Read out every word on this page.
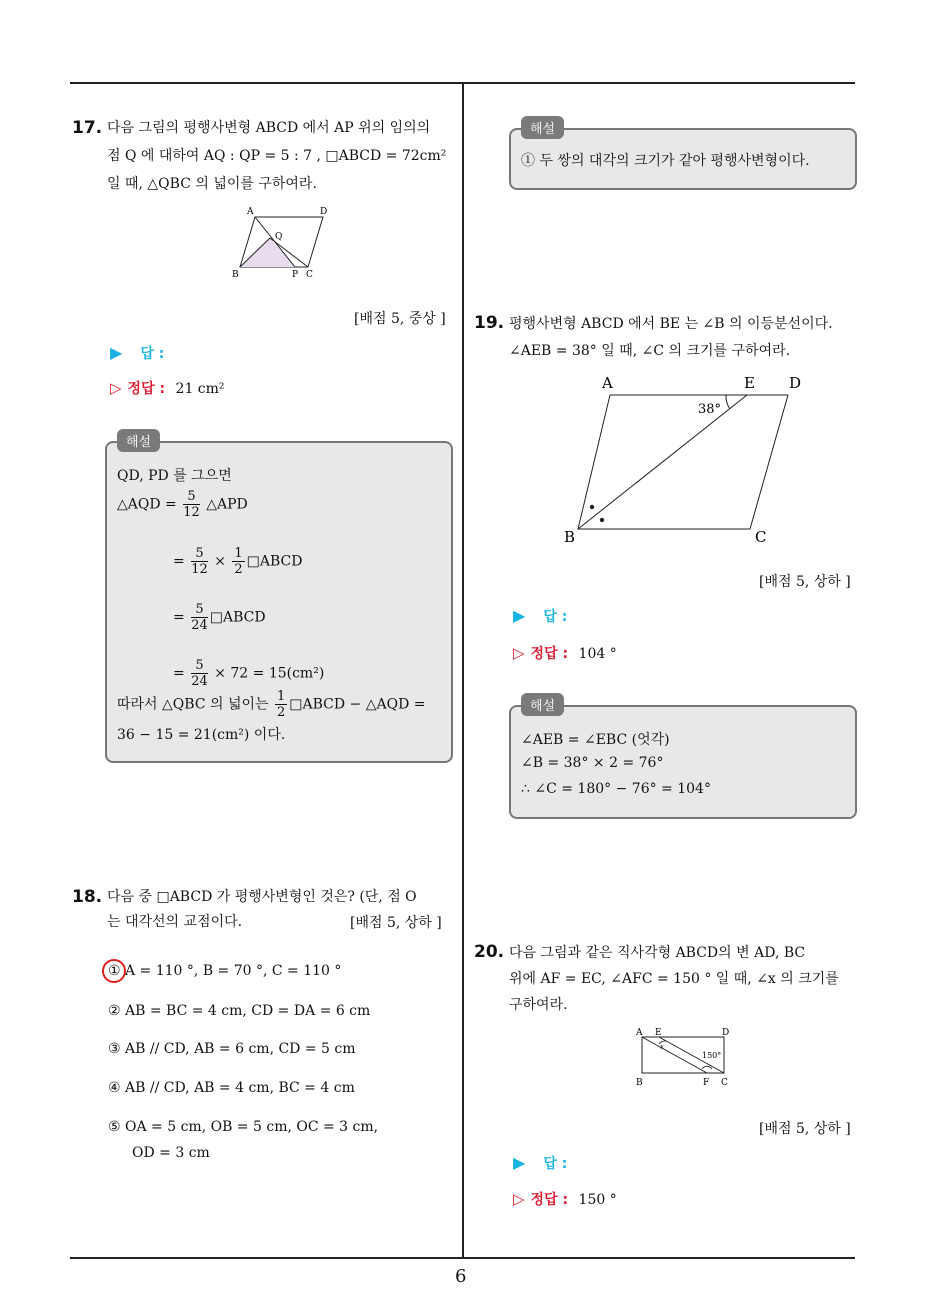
6
17. 다음 그림의 평행사변형 ABCD 에서 AP 위의 임의의
점 Q 에 대하여 AQ : QP = 5 : 7 , □ABCD = 72cm²
일 때, △QBC 의 넓이를 구하여라.
A	D
Q
B	P C
[배점 5, 중상 ]
▶ 답 :
▷ 정답 : 21 cm²
해설
QD, PD 를 그으면
△AQD = $\frac{5}{12}$ △APD
= $\frac{5}{12} \times \frac{1}{2}$ □ABCD
= $\frac{5}{24}$ □ABCD
= $\frac{5}{24} \times 72 = 15(cm^2)$
따라서 △QBC 의 넓이는 $\frac{1}{2}$ □ABCD − △AQD =
36 − 15 = 21(cm²) 이다.
18. 다음 중 □ABCD 가 평행사변형인 것은? (단, 점 O
는 대각선의 교점이다.	[배점 5, 상하 ]
① A = 110 °, B = 70 °, C = 110 °
② AB = BC = 4 cm, CD = DA = 6 cm
③ AB // CD, AB = 6 cm, CD = 5 cm
④ AB // CD, AB = 4 cm, BC = 4 cm
⑤ OA = 5 cm, OB = 5 cm, OC = 3 cm,
OD = 3 cm
해설
① 두 쌍의 대각의 크기가 같아 평행사변형이다.
19. 평행사변형 ABCD 에서 BE 는 ∠B 의 이등분선이다.
∠AEB = 38° 일 때, ∠C 의 크기를 구하여라.
A	E D
38°
B	C
[배점 5, 상하 ]
▶ 답 :
▷ 정답 : 104 °
해설
∠AEB = ∠EBC (엇각)
∠B = 38° × 2 = 76°
∴ ∠C = 180° − 76° = 104°
20. 다음 그림과 같은 직사각형 ABCD의 변 AD, BC
위에 AF = EC, ∠AFC = 150 ° 일 때, ∠x 의 크기를
구하여라.
A E	D
x
150°
B	F C
[배점 5, 상하 ]
▶ 답 :
▷ 정답 : 150 °
